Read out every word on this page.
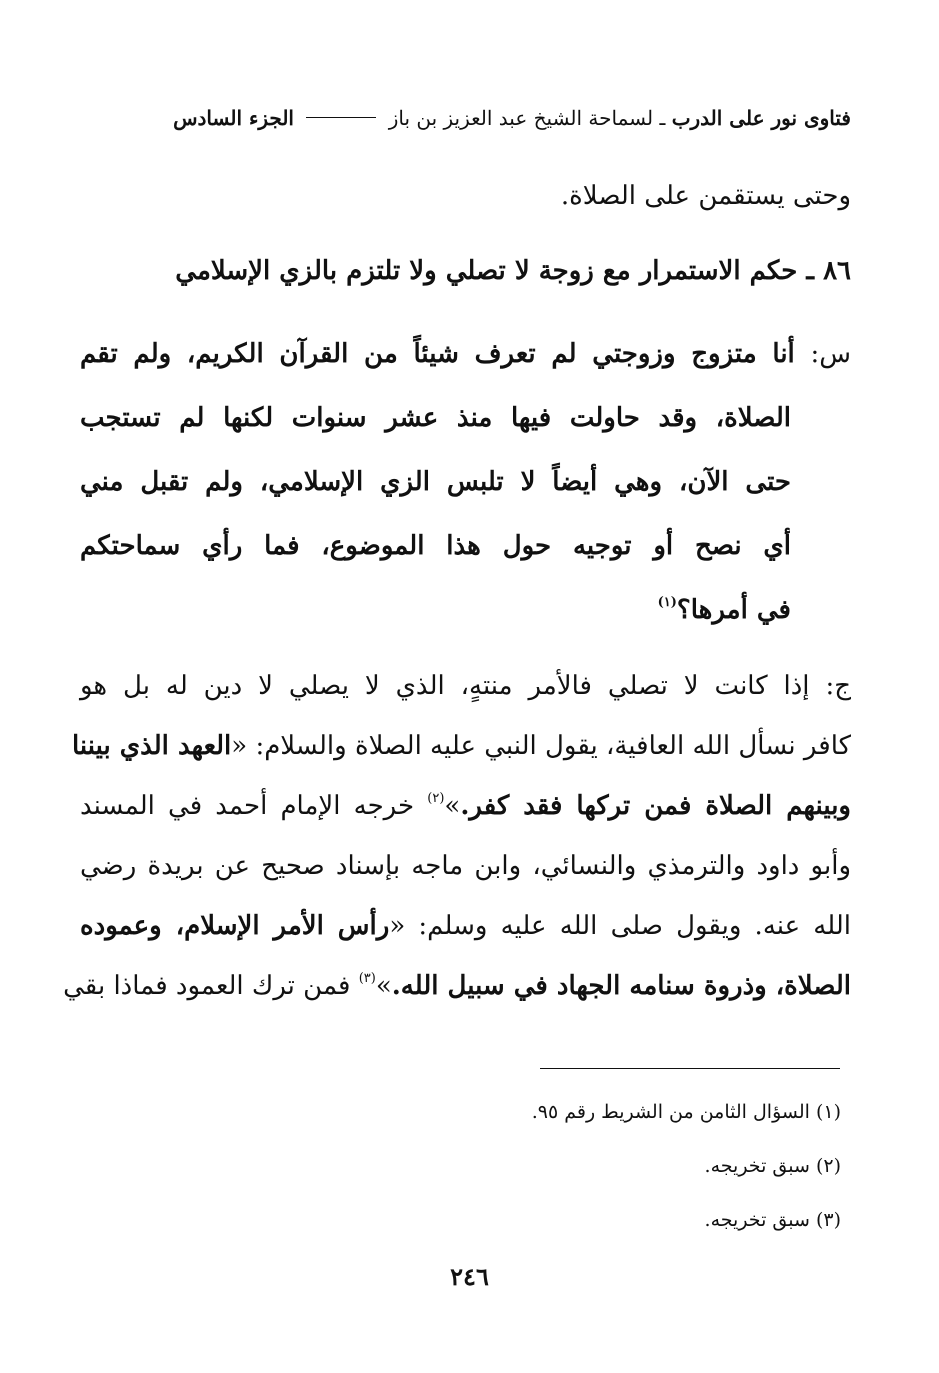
فتاوى نور على الدرب ـ لسماحة الشيخ عبد العزيز بن باز  الجزء السادس
وحتى يستقمن على الصلاة.
٨٦ ـ حكم الاستمرار مع زوجة لا تصلي ولا تلتزم بالزي الإسلامي
س: أنا متزوج وزوجتي لم تعرف شيئاً من القرآن الكريم، ولم تقم
الصلاة، وقد حاولت فيها منذ عشر سنوات لكنها لم تستجب
حتى الآن، وهي أيضاً لا تلبس الزي الإسلامي، ولم تقبل مني
أي نصح أو توجيه حول هذا الموضوع، فما رأي سماحتكم
في أمرها؟$^{(١)}$
ج: إذا كانت لا تصلي فالأمر منتهٍ، الذي لا يصلي لا دين له بل هو
كافر نسأل الله العافية، يقول النبي عليه الصلاة والسلام: «العهد الذي بيننا
وبينهم الصلاة فمن تركها فقد كفر.»$^{(٢)}$ خرجه الإمام أحمد في المسند
وأبو داود والترمذي والنسائي، وابن ماجه بإسناد صحيح عن بريدة رضي
الله عنه. ويقول صلى الله عليه وسلم: «رأس الأمر الإسلام، وعموده
الصلاة، وذروة سنامه الجهاد في سبيل الله.»$^{(٣)}$ فمن ترك العمود فماذا بقي
(١) السؤال الثامن من الشريط رقم ٩٥.
(٢) سبق تخريجه.
(٣) سبق تخريجه.
٢٤٦
